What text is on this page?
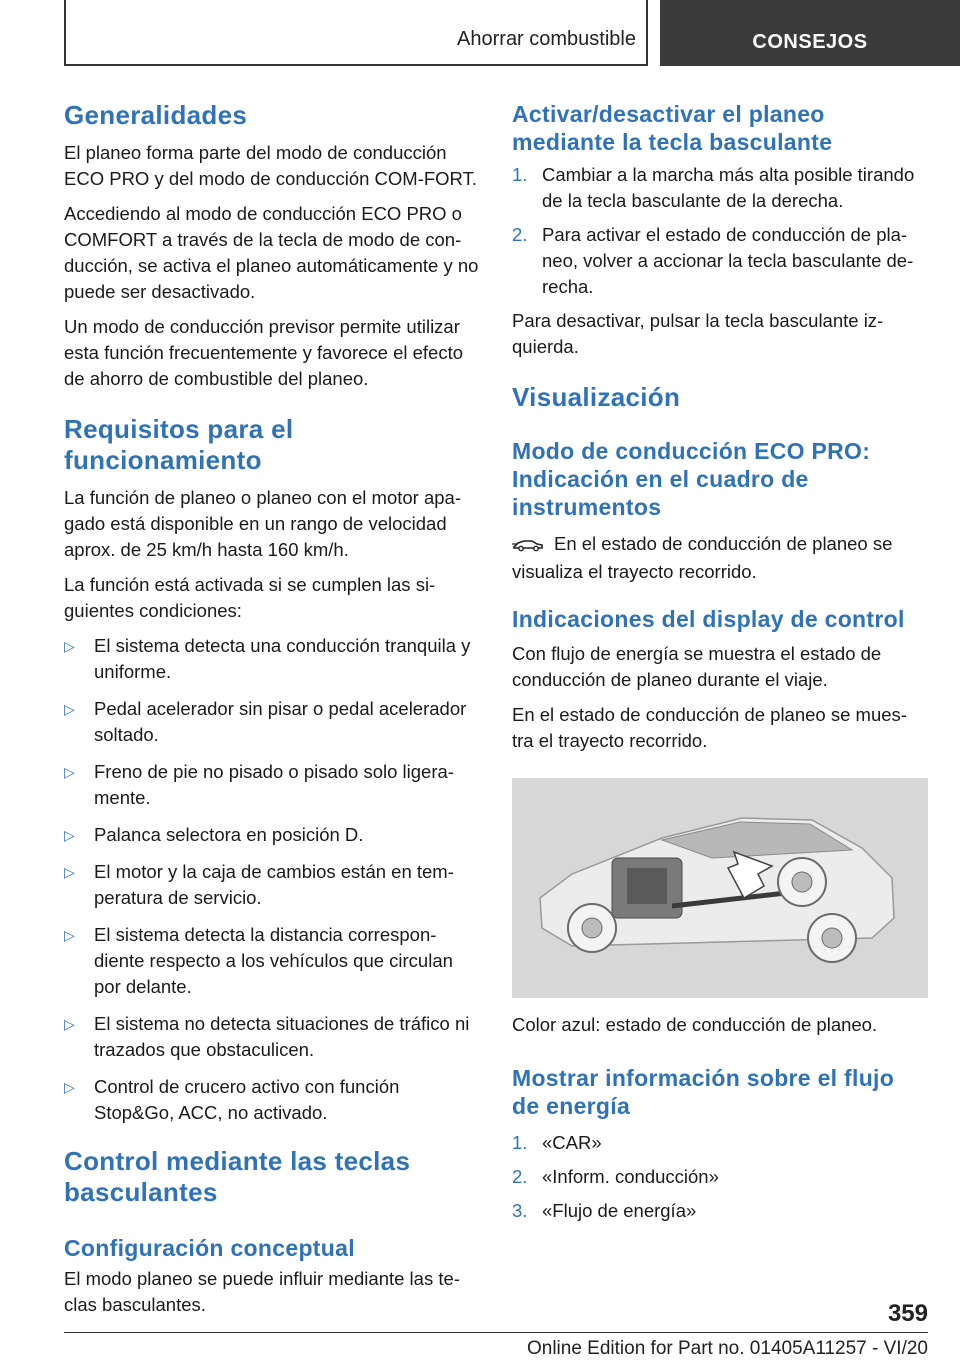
Ahorrar combustible	CONSEJOS
Generalidades

El planeo forma parte del modo de conducción ECO PRO y del modo de conducción COM‐FORT.

Accediendo al modo de conducción ECO PRO o COMFORT a través de la tecla de modo de con‐ducción, se activa el planeo automáticamente y no puede ser desactivado.

Un modo de conducción previsor permite utilizar esta función frecuentemente y favorece el efecto de ahorro de combustible del planeo.

Requisitos para el funcionamiento

La función de planeo o planeo con el motor apa‐gado está disponible en un rango de velocidad aprox. de 25 km/h hasta 160 km/h.

La función está activada si se cumplen las si‐guientes condiciones:

▷ El sistema detecta una conducción tranquila y uniforme.
▷ Pedal acelerador sin pisar o pedal acelerador soltado.
▷ Freno de pie no pisado o pisado solo ligera‐mente.
▷ Palanca selectora en posición D.
▷ El motor y la caja de cambios están en tem‐peratura de servicio.
▷ El sistema detecta la distancia correspon‐diente respecto a los vehículos que circulan por delante.
▷ El sistema no detecta situaciones de tráfico ni trazados que obstaculicen.
▷ Control de crucero activo con función Stop&Go, ACC, no activado.
Control mediante las teclas basculantes
Configuración conceptual

El modo planeo se puede influir mediante las te‐clas basculantes.

Activar/desactivar el planeo mediante la tecla basculante
1. Cambiar a la marcha más alta posible tirando de la tecla basculante de la derecha.
2. Para activar el estado de conducción de pla‐neo, volver a accionar la tecla basculante de‐recha.

Para desactivar, pulsar la tecla basculante iz‐quierda.

Visualización
Modo de conducción ECO PRO: Indicación en el cuadro de instrumentos

En el estado de conducción de planeo se visualiza el trayecto recorrido.

Indicaciones del display de control

Con flujo de energía se muestra el estado de conducción de planeo durante el viaje.

En el estado de conducción de planeo se mues‐tra el trayecto recorrido.

Color azul: estado de conducción de planeo.

Mostrar información sobre el flujo de energía
1. «CAR»
2. «Inform. conducción»
3. «Flujo de energía»
359
Online Edition for Part no. 01405A11257 - VI/20
